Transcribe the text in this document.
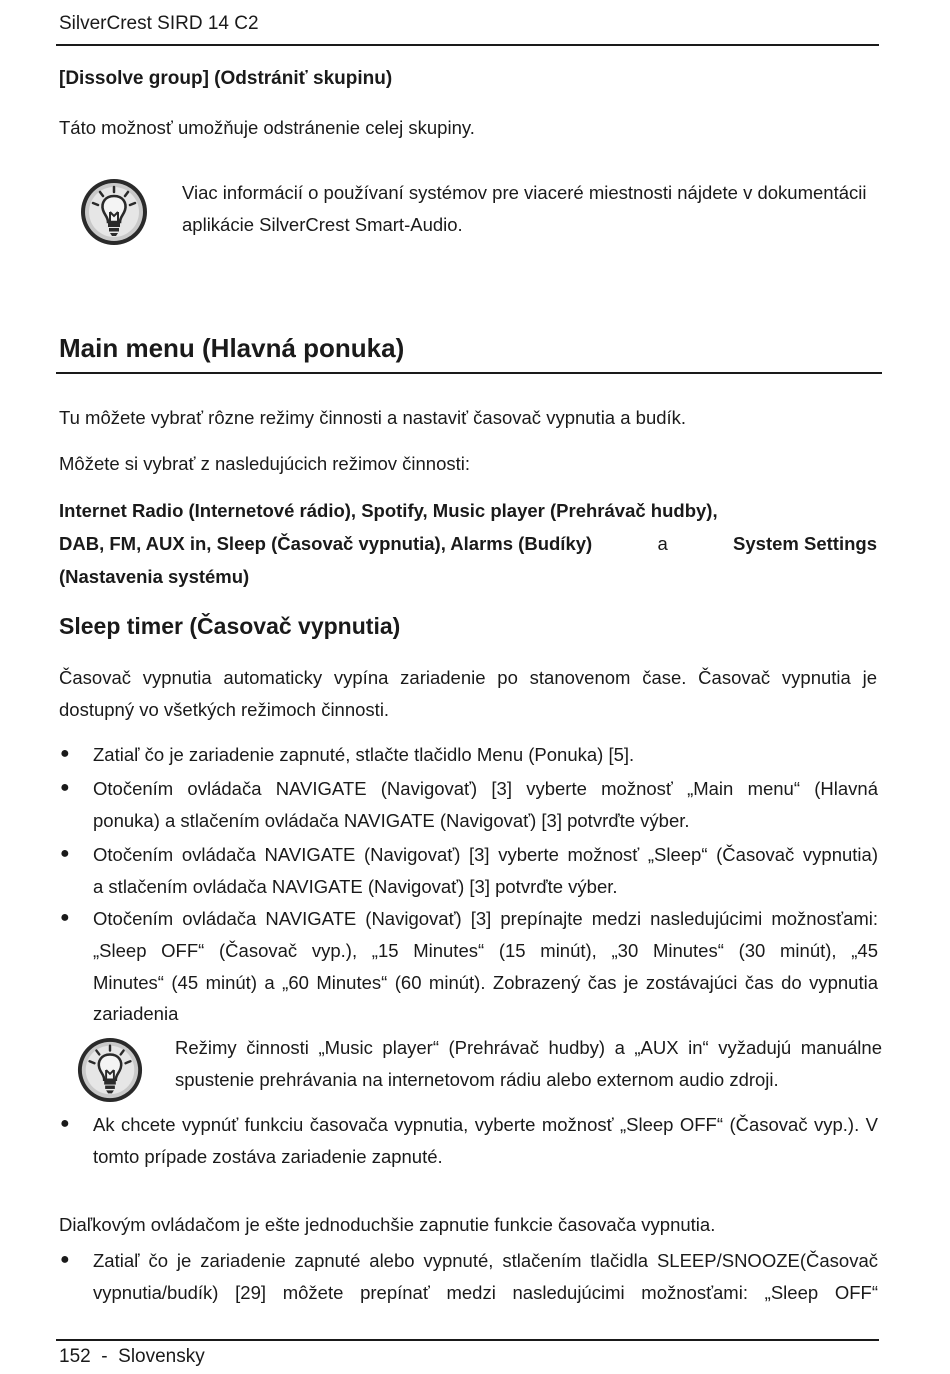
SilverCrest SIRD 14 C2
[Dissolve group] (Odstrániť skupinu)
Táto možnosť umožňuje odstránenie celej skupiny.
Viac informácií o používaní systémov pre viaceré miestnosti nájdete v dokumentácii
aplikácie SilverCrest Smart-Audio.
Main menu (Hlavná ponuka)
Tu môžete vybrať rôzne režimy činnosti a nastaviť časovač vypnutia a budík.
Môžete si vybrať z nasledujúcich režimov činnosti:
Internet Radio (Internetové rádio), Spotify, Music player (Prehrávač hudby),
DAB, FM, AUX in, Sleep (Časovač vypnutia), Alarms (Budíky)	a	System Settings
(Nastavenia systému)
Sleep timer (Časovač vypnutia)
Časovač vypnutia automaticky vypína zariadenie po stanovenom čase. Časovač vypnutia je
dostupný vo všetkých režimoch činnosti.
● Zatiaľ čo je zariadenie zapnuté, stlačte tlačidlo Menu (Ponuka) [5].
● Otočením ovládača NAVIGATE (Navigovať) [3] vyberte možnosť „Main menu“ (Hlavná
ponuka) a stlačením ovládača NAVIGATE (Navigovať) [3] potvrďte výber.
● Otočením ovládača NAVIGATE (Navigovať) [3] vyberte možnosť „Sleep“ (Časovač vypnutia)
a stlačením ovládača NAVIGATE (Navigovať) [3] potvrďte výber.
● Otočením ovládača NAVIGATE (Navigovať) [3] prepínajte medzi nasledujúcimi možnosťami:
„Sleep OFF“ (Časovač vyp.), „15 Minutes“ (15 minút), „30 Minutes“ (30 minút), „45
Minutes“ (45 minút) a „60 Minutes“ (60 minút). Zobrazený čas je zostávajúci čas do vypnutia
zariadenia
Režimy činnosti „Music player“ (Prehrávač hudby) a „AUX in“ vyžadujú manuálne
spustenie prehrávania na internetovom rádiu alebo externom audio zdroji.
● Ak chcete vypnúť funkciu časovača vypnutia, vyberte možnosť „Sleep OFF“ (Časovač vyp.). V
tomto prípade zostáva zariadenie zapnuté.
Diaľkovým ovládačom je ešte jednoduchšie zapnutie funkcie časovača vypnutia.
● Zatiaľ čo je zariadenie zapnuté alebo vypnuté, stlačením tlačidla SLEEP/SNOOZE(Časovač
vypnutia/budík) [29] môžete prepínať medzi nasledujúcimi možnosťami: „Sleep OFF“
152  -  Slovensky
